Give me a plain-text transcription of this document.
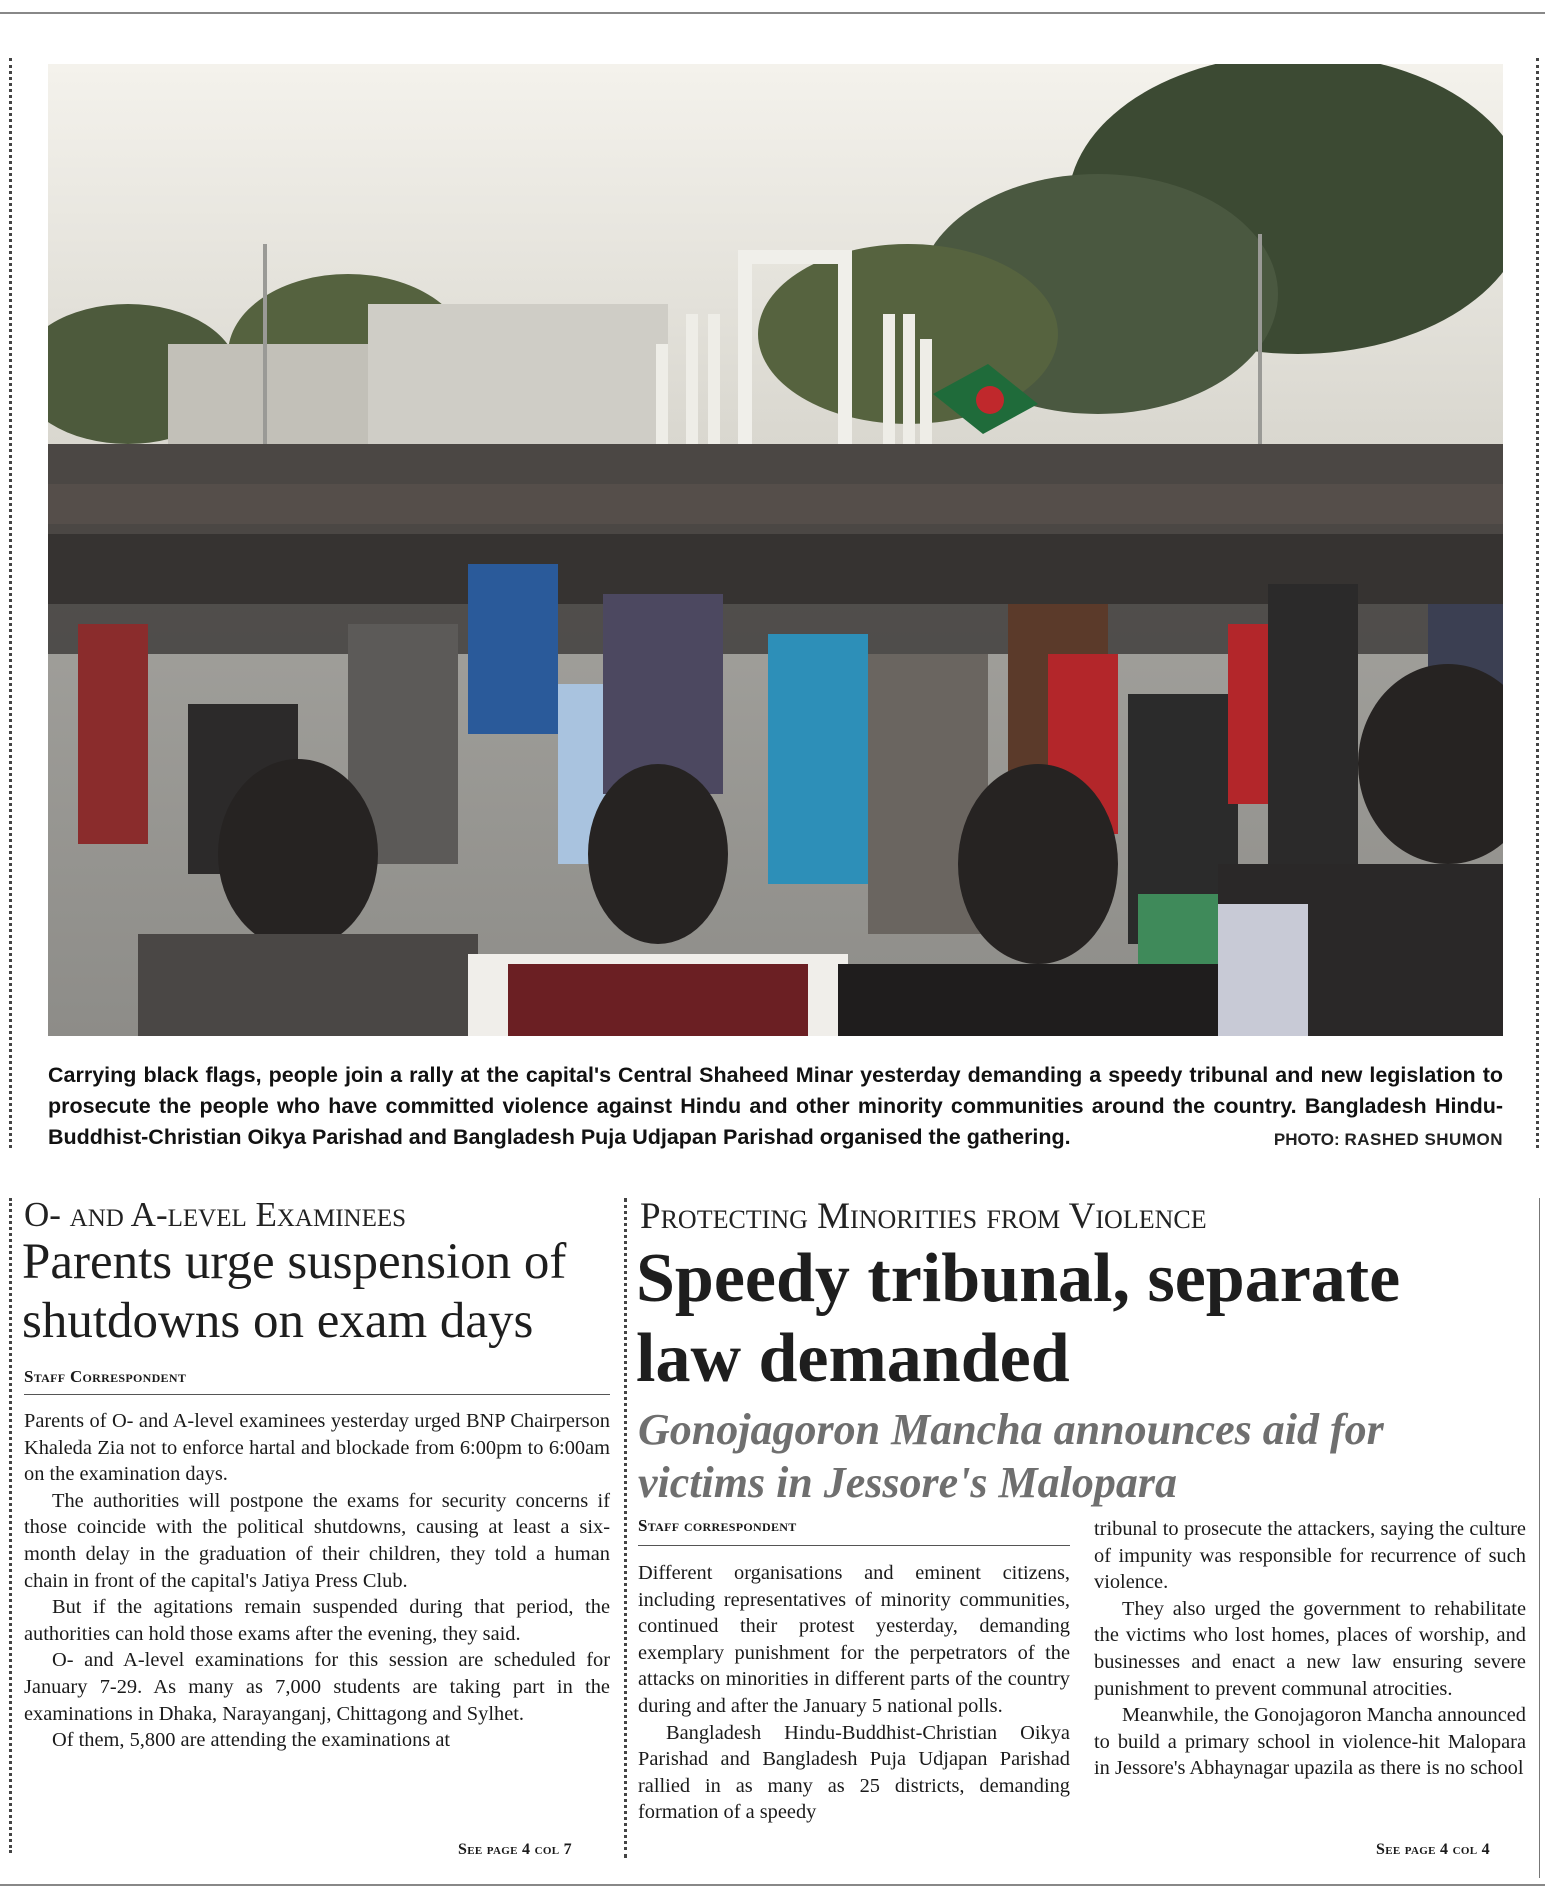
Carrying black flags, people join a rally at the capital's Central Shaheed Minar yesterday demanding a speedy tribunal and new legislation to prosecute the people who have committed violence against Hindu and other minority communities around the country. Bangladesh Hindu-Buddhist-Christian Oikya Parishad and Bangladesh Puja Udjapan Parishad organised the gathering.	PHOTO: RASHED SHUMON
O- and A-level Examinees
Parents urge suspension of
shutdowns on exam days
Staff Correspondent

Parents of O- and A-level examinees yesterday urged BNP Chairperson Khaleda Zia not to enforce hartal and blockade from 6:00pm to 6:00am on the examination days.

The authorities will postpone the exams for security concerns if those coincide with the political shutdowns, causing at least a six-month delay in the graduation of their children, they told a human chain in front of the capital's Jatiya Press Club.

But if the agitations remain suspended during that period, the authorities can hold those exams after the evening, they said.

O- and A-level examinations for this session are scheduled for January 7-29. As many as 7,000 students are taking part in the examinations in Dhaka, Narayanganj, Chittagong and Sylhet.

Of them, 5,800 are attending the examinations at

See page 4 col 7
Protecting Minorities from Violence
Speedy tribunal, separate
law demanded
Gonojagoron Mancha announces aid for
victims in Jessore's Malopara
Staff correspondent

Different organisations and eminent citizens, including representatives of minority communities, continued their protest yesterday, demanding exemplary punishment for the perpetrators of the attacks on minorities in different parts of the country during and after the January 5 national polls.

Bangladesh Hindu-Buddhist-Christian Oikya Parishad and Bangladesh Puja Udjapan Parishad rallied in as many as 25 districts, demanding formation of a speedy

tribunal to prosecute the attackers, saying the culture of impunity was responsible for recurrence of such violence.

They also urged the government to rehabilitate the victims who lost homes, places of worship, and businesses and enact a new law ensuring severe punishment to prevent communal atrocities.

Meanwhile, the Gonojagoron Mancha announced to build a primary school in violence-hit Malopara in Jessore's Abhaynagar upazila as there is no school

See page 4 col 4
